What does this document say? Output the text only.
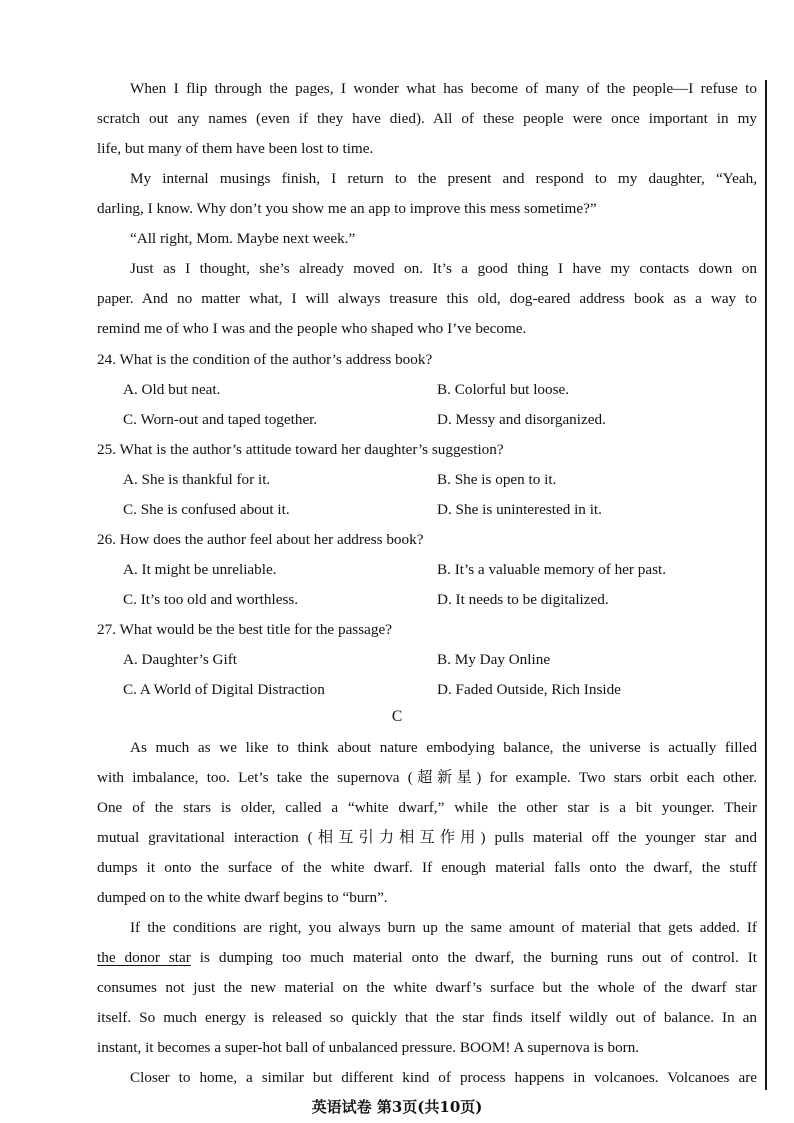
When I flip through the pages, I wonder what has become of many of the people—I refuse to
scratch out any names (even if they have died). All of these people were once important in my
life, but many of them have been lost to time.
My internal musings finish, I return to the present and respond to my daughter, “Yeah,
darling, I know. Why don’t you show me an app to improve this mess sometime?”
“All right, Mom. Maybe next week.”
Just as I thought, she’s already moved on. It’s a good thing I have my contacts down on
paper. And no matter what, I will always treasure this old, dog-eared address book as a way to
remind me of who I was and the people who shaped who I’ve become.
24. What is the condition of the author’s address book?
A. Old but neat.	B. Colorful but loose.
C. Worn-out and taped together.	D. Messy and disorganized.
25. What is the author’s attitude toward her daughter’s suggestion?
A. She is thankful for it.	B. She is open to it.
C. She is confused about it.	D. She is uninterested in it.
26. How does the author feel about her address book?
A. It might be unreliable.	B. It’s a valuable memory of her past.
C. It’s too old and worthless.	D. It needs to be digitalized.
27. What would be the best title for the passage?
A. Daughter’s Gift	B. My Day Online
C. A World of Digital Distraction	D. Faded Outside, Rich Inside
C
As much as we like to think about nature embodying balance, the universe is actually filled
with imbalance, too. Let’s take the supernova (超新星) for example. Two stars orbit each other.
One of the stars is older, called a “white dwarf,” while the other star is a bit younger. Their
mutual gravitational interaction (相互引力相互作用) pulls material off the younger star and
dumps it onto the surface of the white dwarf. If enough material falls onto the dwarf, the stuff
dumped on to the white dwarf begins to “burn”.
If the conditions are right, you always burn up the same amount of material that gets added. If
the donor star is dumping too much material onto the dwarf, the burning runs out of control. It
consumes not just the new material on the white dwarf’s surface but the whole of the dwarf star
itself. So much energy is released so quickly that the star finds itself wildly out of balance. In an
instant, it becomes a super-hot ball of unbalanced pressure. BOOM! A supernova is born.
Closer to home, a similar but different kind of process happens in volcanoes. Volcanoes are
英语试卷 第3页(共10页)
